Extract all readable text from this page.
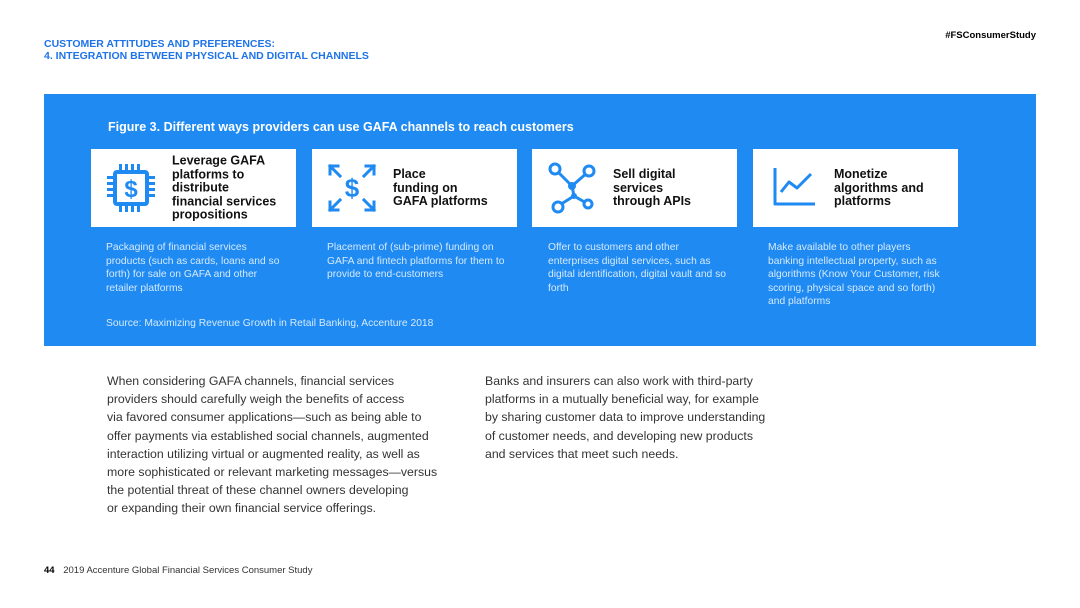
#FSConsumerStudy
CUSTOMER ATTITUDES AND PREFERENCES:
4. INTEGRATION BETWEEN PHYSICAL AND DIGITAL CHANNELS
Figure 3. Different ways providers can use GAFA channels to reach customers
$
Leverage GAFA
platforms to
distribute
financial services
propositions
$	Place
funding on
GAFA platforms
Sell digital
services
through APIs
Monetize
algorithms and
platforms
Packaging of financial services products (such as cards, loans and so forth) for sale on GAFA and other retailer platforms
Placement of (sub-prime) funding on GAFA and fintech platforms for them to provide to end-customers
Offer to customers and other enterprises digital services, such as digital identification, digital vault and so forth
Make available to other players banking intellectual property, such as algorithms (Know Your Customer, risk scoring, physical space and so forth) and platforms
Source: Maximizing Revenue Growth in Retail Banking, Accenture 2018
When considering GAFA channels, financial services
providers should carefully weigh the benefits of access
via favored consumer applications—such as being able to
offer payments via established social channels, augmented
interaction utilizing virtual or augmented reality, as well as
more sophisticated or relevant marketing messages—versus
the potential threat of these channel owners developing
or expanding their own financial service offerings.
Banks and insurers can also work with third-party
platforms in a mutually beneficial way, for example
by sharing customer data to improve understanding
of customer needs, and developing new products
and services that meet such needs.
44 2019 Accenture Global Financial Services Consumer Study
